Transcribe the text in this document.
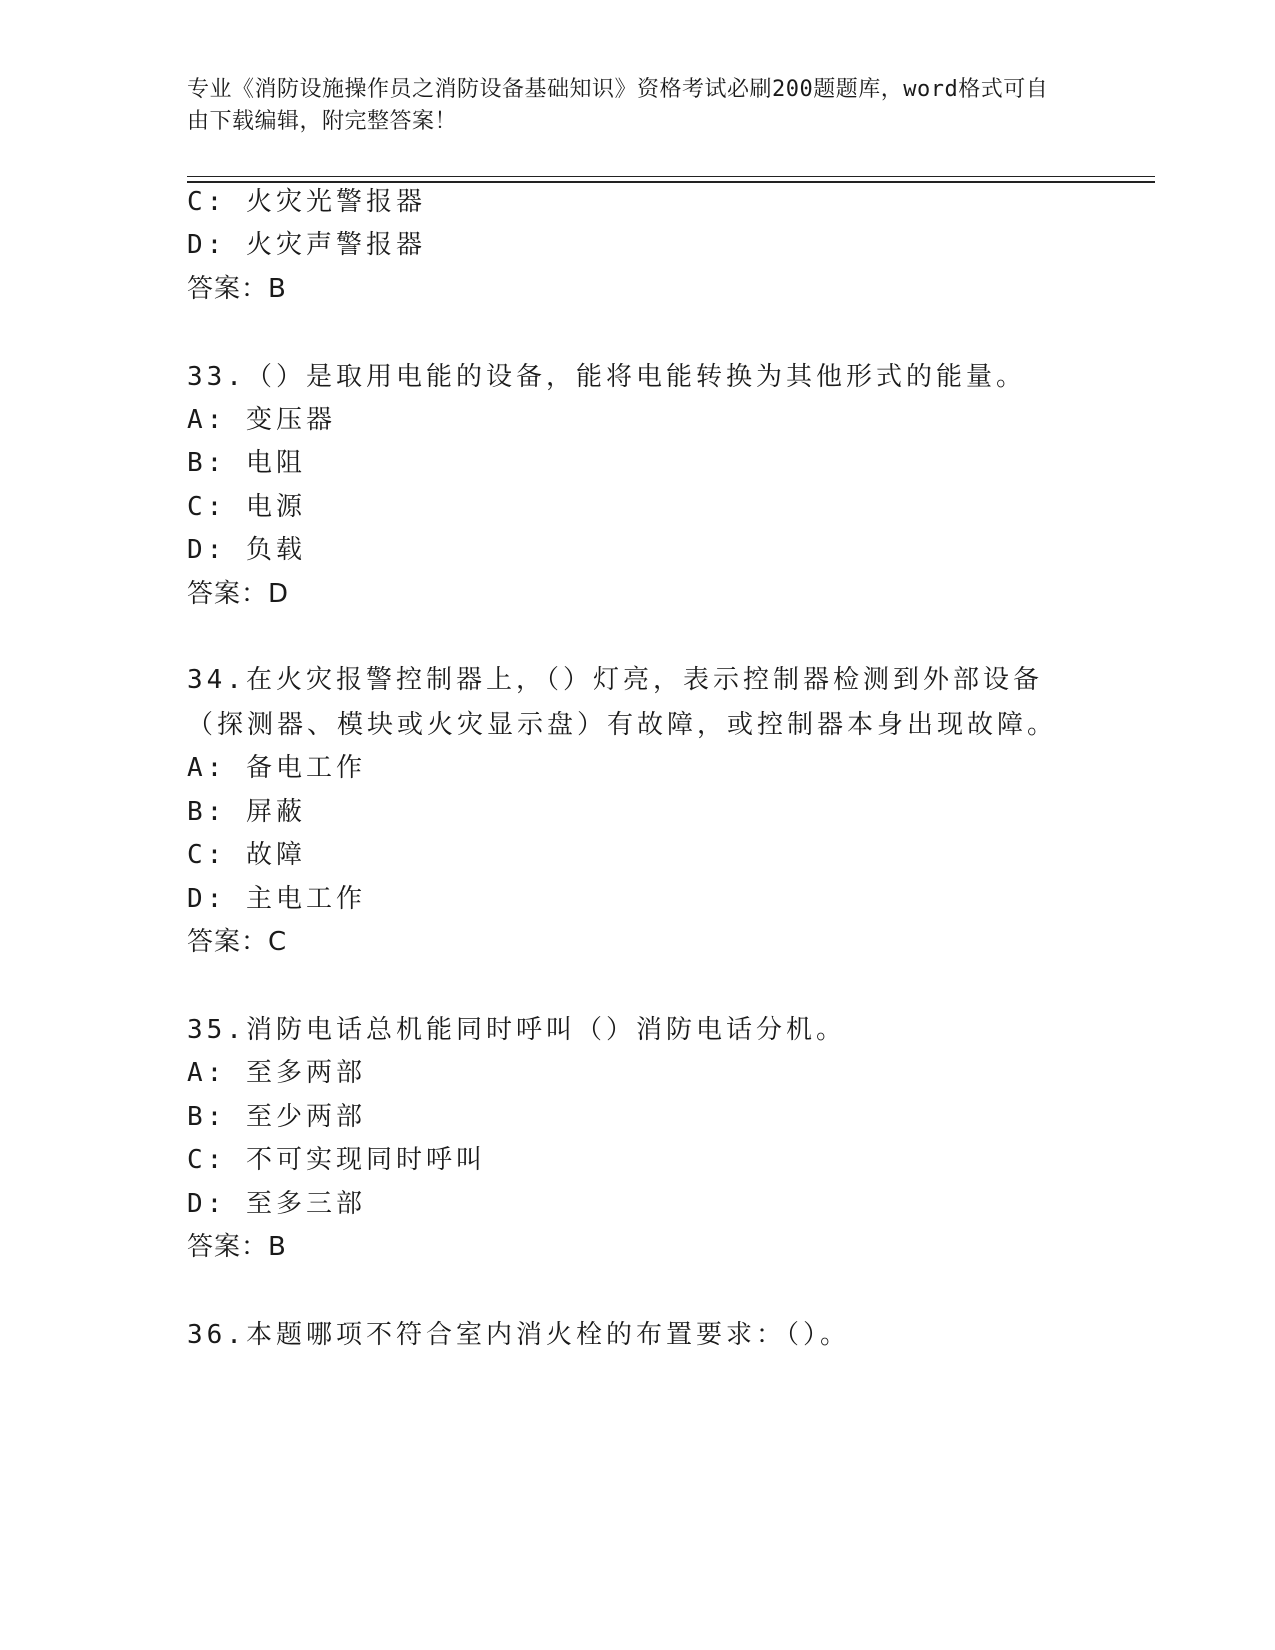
专业《消防设施操作员之消防设备基础知识》资格考试必刷200题题库，word格式可自由下载编辑，附完整答案！
C: 火灾光警报器
D: 火灾声警报器
答案：B
33.（）是取用电能的设备，能将电能转换为其他形式的能量。
A: 变压器
B: 电阻
C: 电源
D: 负载
答案：D
34.在火灾报警控制器上，（）灯亮，表示控制器检测到外部设备（探测器、模块或火灾显示盘）有故障，或控制器本身出现故障。
A: 备电工作
B: 屏蔽
C: 故障
D: 主电工作
答案：C
35.消防电话总机能同时呼叫（）消防电话分机。
A: 至多两部
B: 至少两部
C: 不可实现同时呼叫
D: 至多三部
答案：B
36.本题哪项不符合室内消火栓的布置要求：（）。
